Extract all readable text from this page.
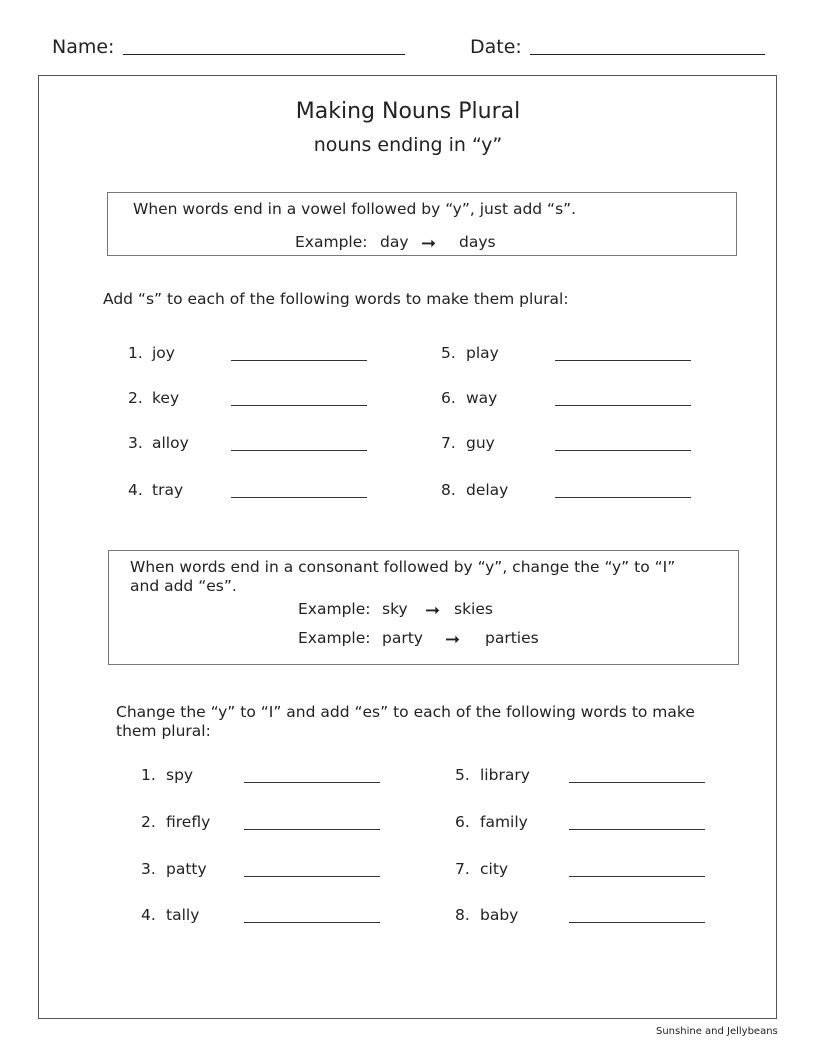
Name:	Date:
Making Nouns Plural
nouns ending in “y”
When words end in a vowel followed by “y”, just add “s”.
Example: day ➞ days
Add “s” to each of the following words to make them plural:
1. joy
2. key
3. alloy
4. tray
5. play
6. way
7. guy
8. delay
When words end in a consonant followed by “y”, change the “y” to “I”
and add “es”.
Example: sky ➞ skies
Example: party ➞ parties
Change the “y” to “I” and add “es” to each of the following words to make
them plural:
1. spy
2. firefly
3. patty
4. tally
5. library
6. family
7. city
8. baby
Sunshine and Jellybeans
